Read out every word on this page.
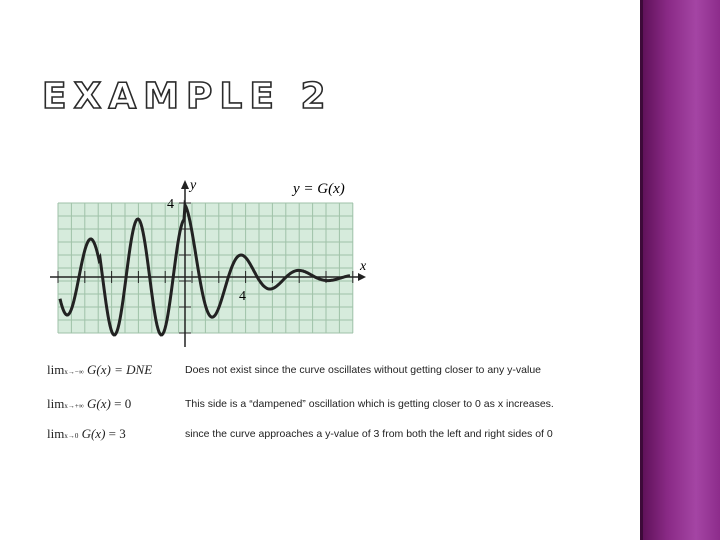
EXAMPLE 2
y
x
y = G(x)
4
4
limx→−∞ G(x) = DNE	Does not exist since the curve oscillates without getting closer to any y-value
limx→+∞ G(x) = 0	This side is a “dampened” oscillation which is getting closer to 0 as x increases.
limx→0 G(x) = 3	since the curve approaches a y-value of 3 from both the left and right sides of 0
